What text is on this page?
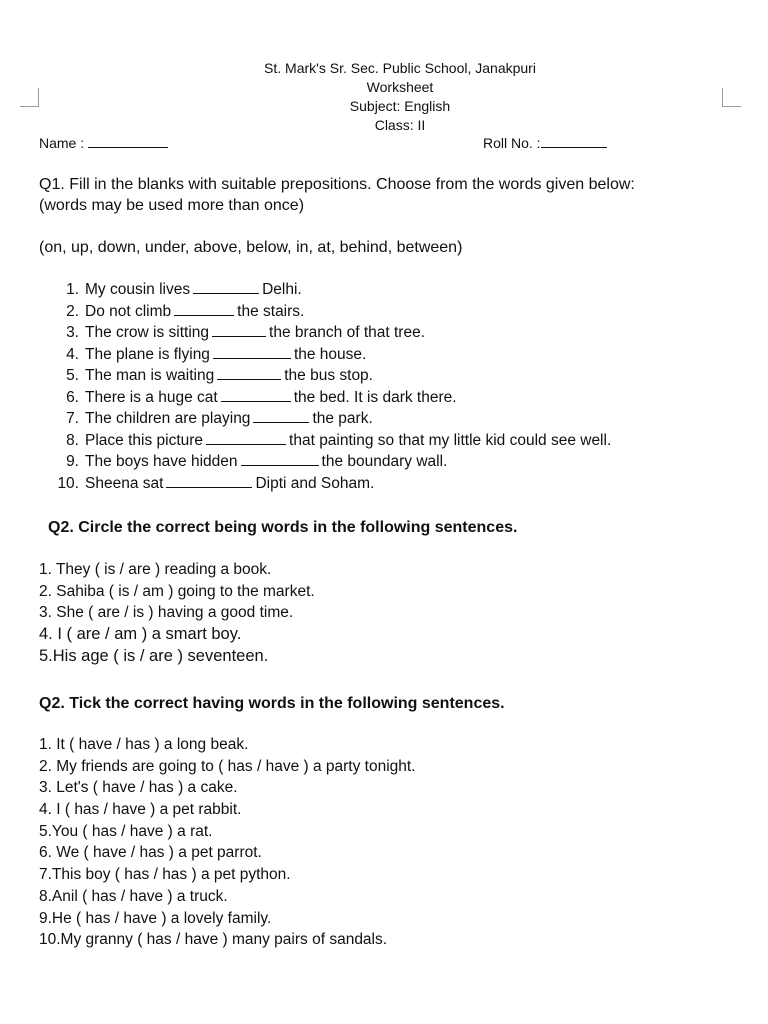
St. Mark's Sr. Sec. Public School, Janakpuri
Worksheet
Subject: English
Class: II
Name :	Roll No. :
Q1. Fill in the blanks with suitable prepositions. Choose from the words given below:
(words may be used more than once)
(on, up, down, under, above, below, in, at, behind, between)
1. My cousin lives	Delhi.
2. Do not climb	the stairs.
3. The crow is sitting	the branch of that tree.
4. The plane is flying	the house.
5. The man is waiting	the bus stop.
6. There is a huge cat	the bed. It is dark there.
7. The children are playing	the park.
8. Place this picture	that painting so that my little kid could see well.
9. The boys have hidden	the boundary wall.
10. Sheena sat	Dipti and Soham.
Q2. Circle the correct being words in the following sentences.
1. They ( is / are ) reading a book.
2. Sahiba ( is / am ) going to the market.
3. She ( are / is ) having a good time.
4. I ( are / am ) a smart boy.
5.His age ( is / are ) seventeen.
Q2. Tick the correct having words in the following sentences.
1. It ( have / has ) a long beak.
2. My friends are going to ( has / have ) a party tonight.
3. Let's ( have / has ) a cake.
4. I ( has / have ) a pet rabbit.
5.You ( has / have ) a rat.
6. We ( have / has ) a pet parrot.
7.This boy ( has / has ) a pet python.
8.Anil ( has / have ) a truck.
9.He ( has / have ) a lovely family.
10.My granny ( has / have ) many pairs of sandals.
